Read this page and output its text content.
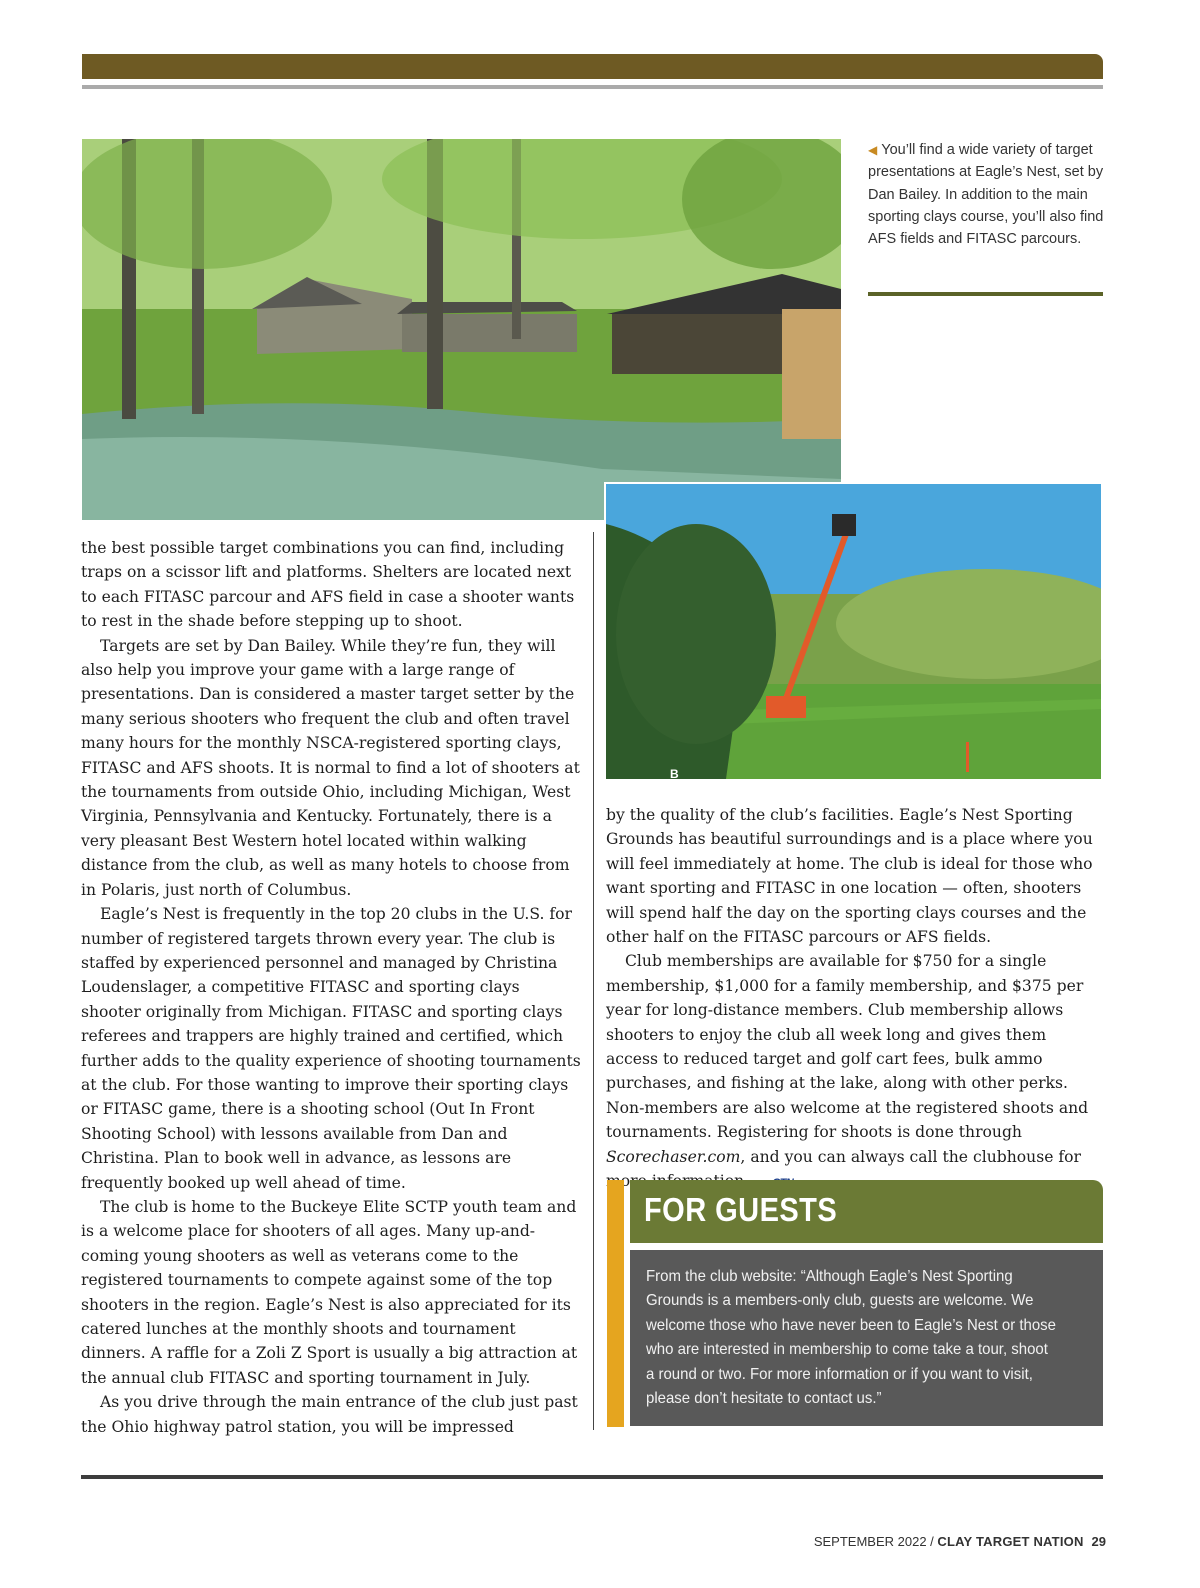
◀ You’ll find a wide variety of target presentations at Eagle’s Nest, set by Dan Bailey. In addition to the main sporting clays course, you’ll also find AFS fields and FITASC parcours.
B

the best possible target combinations you can find, including traps on a scissor lift and platforms. Shelters are located next to each FITASC parcour and AFS field in case a shooter wants to rest in the shade before stepping up to shoot.

Targets are set by Dan Bailey. While they’re fun, they will also help you improve your game with a large range of presentations. Dan is considered a master target setter by the many serious shooters who frequent the club and often travel many hours for the monthly NSCA-registered sporting clays, FITASC and AFS shoots. It is normal to find a lot of shooters at the tournaments from outside Ohio, including Michigan, West Virginia, Pennsylvania and Kentucky. Fortunately, there is a very pleasant Best Western hotel located within walking distance from the club, as well as many hotels to choose from in Polaris, just north of Columbus.

Eagle’s Nest is frequently in the top 20 clubs in the U.S. for number of registered targets thrown every year. The club is staffed by experienced personnel and managed by Christina Loudenslager, a competitive FITASC and sporting clays shooter originally from Michigan. FITASC and sporting clays referees and trappers are highly trained and certified, which further adds to the quality experience of shooting tournaments at the club. For those wanting to improve their sporting clays or FITASC game, there is a shooting school (Out In Front Shooting School) with lessons available from Dan and Christina. Plan to book well in advance, as lessons are frequently booked up well ahead of time.

The club is home to the Buckeye Elite SCTP youth team and is a welcome place for shooters of all ages. Many up-and-coming young shooters as well as veterans come to the registered tournaments to compete against some of the top shooters in the region. Eagle’s Nest is also appreciated for its catered lunches at the monthly shoots and tournament dinners. A raffle for a Zoli Z Sport is usually a big attraction at the annual club FITASC and sporting tournament in July.

As you drive through the main entrance of the club just past the Ohio highway patrol station, you will be impressed

by the quality of the club’s facilities. Eagle’s Nest Sporting Grounds has beautiful surroundings and is a place where you will feel immediately at home. The club is ideal for those who want sporting and FITASC in one location — often, shooters will spend half the day on the sporting clays courses and the other half on the FITASC parcours or AFS fields.

Club memberships are available for $750 for a single membership, $1,000 for a family membership, and $375 per year for long-distance members. Club membership allows shooters to enjoy the club all week long and gives them access to reduced target and golf cart fees, bulk ammo purchases, and fishing at the lake, along with other perks. Non-members are also welcome at the registered shoots and tournaments. Registering for shoots is done through Scorechaser.com, and you can always call the clubhouse for more

FOR GUESTS
From the club website: “Although Eagle’s Nest Sporting
Grounds is a members-only club, guests are welcome. We
welcome those who have never been to Eagle’s Nest or those
who are interested in membership to come take a tour, shoot
a round or two. For more information or if you want to visit,
please don’t hesitate to contact us.”
SEPTEMBER 2022 / CLAY TARGET NATION 29
